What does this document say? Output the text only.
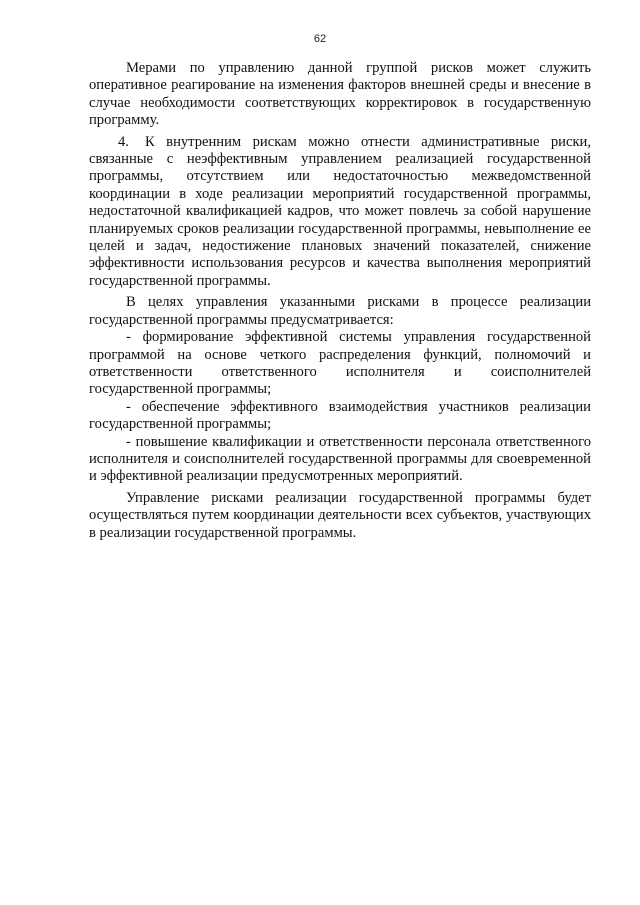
62

Мерами по управлению данной группой рисков может служить оперативное реагирование на изменения факторов внешней среды и внесение в случае необходимости соответствующих корректировок в государственную программу.

4. К внутренним рискам можно отнести административные риски, связанные с неэффективным управлением реализацией государственной программы, отсутствием или недостаточностью межведомственной координации в ходе реализации мероприятий государственной программы, недостаточной квалификацией кадров, что может повлечь за собой нарушение планируемых сроков реализации государственной программы, невыполнение ее целей и задач, недостижение плановых значений показателей, снижение эффективности использования ресурсов и качества выполнения мероприятий государственной программы.

В целях управления указанными рисками в процессе реализации государственной программы предусматривается:

- формирование эффективной системы управления государственной программой на основе четкого распределения функций, полномочий и ответственности ответственного исполнителя и соисполнителей государственной программы;

- обеспечение эффективного взаимодействия участников реализации государственной программы;

- повышение квалификации и ответственности персонала ответственного исполнителя и соисполнителей государственной программы для своевременной и эффективной реализации предусмотренных мероприятий.

Управление рисками реализации государственной программы будет осуществляться путем координации деятельности всех субъектов, участвующих в реализации государственной программы.
